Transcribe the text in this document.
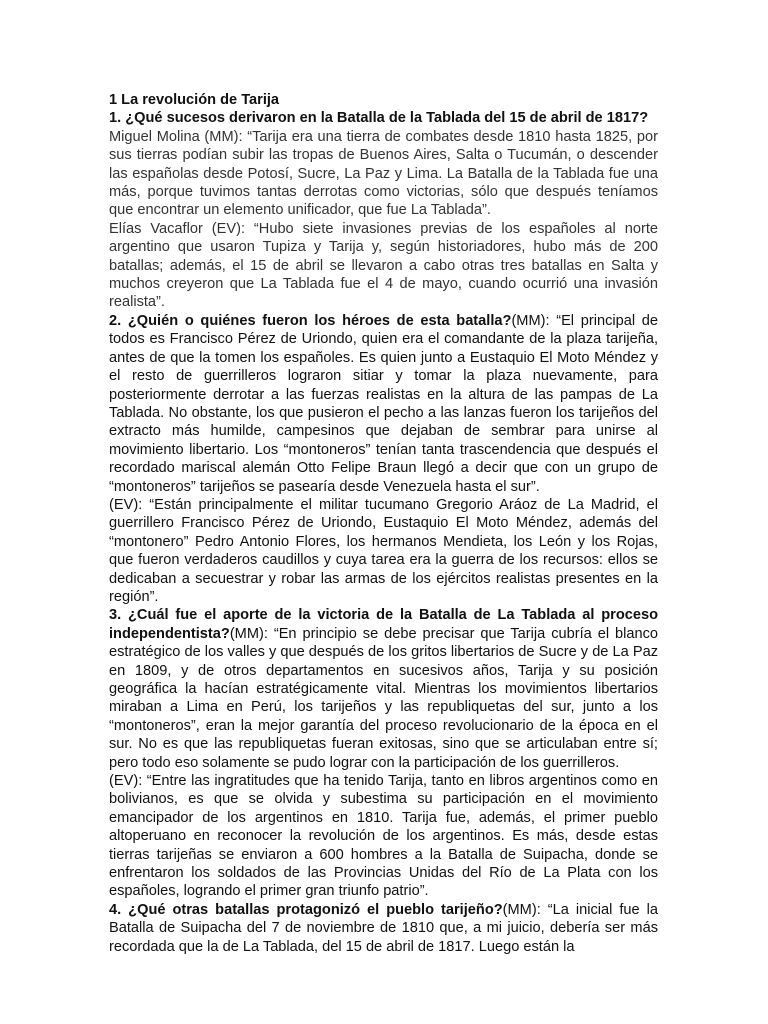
1 La revolución de Tarija

1. ¿Qué sucesos derivaron en la Batalla de la Tablada del 15 de abril de 1817?

Miguel Molina (MM): “Tarija era una tierra de combates desde 1810 hasta 1825, por sus tierras podían subir las tropas de Buenos Aires, Salta o Tucumán, o descender las españolas desde Potosí, Sucre, La Paz y Lima. La Batalla de la Tablada fue una más, porque tuvimos tantas derrotas como victorias, sólo que después teníamos que encontrar un elemento unificador, que fue La Tablada”.

Elías Vacaflor (EV): “Hubo siete invasiones previas de los españoles al norte argentino que usaron Tupiza y Tarija y, según historiadores, hubo más de 200 batallas; además, el 15 de abril se llevaron a cabo otras tres batallas en Salta y muchos creyeron que La Tablada fue el 4 de mayo, cuando ocurrió una invasión realista”.

2. ¿Quién o quiénes fueron los héroes de esta batalla?(MM): “El principal de todos es Francisco Pérez de Uriondo, quien era el comandante de la plaza tarijeña, antes de que la tomen los españoles. Es quien junto a Eustaquio El Moto Méndez y el resto de guerrilleros lograron sitiar y tomar la plaza nuevamente, para posteriormente derrotar a las fuerzas realistas en la altura de las pampas de La Tablada. No obstante, los que pusieron el pecho a las lanzas fueron los tarijeños del extracto más humilde, campesinos que dejaban de sembrar para unirse al movimiento libertario. Los “montoneros” tenían tanta trascendencia que después el recordado mariscal alemán Otto Felipe Braun llegó a decir que con un grupo de “montoneros” tarijeños se pasearía desde Venezuela hasta el sur”.

(EV): “Están principalmente el militar tucumano Gregorio Aráoz de La Madrid, el guerrillero Francisco Pérez de Uriondo, Eustaquio El Moto Méndez, además del “montonero” Pedro Antonio Flores, los hermanos Mendieta, los León y los Rojas, que fueron verdaderos caudillos y cuya tarea era la guerra de los recursos: ellos se dedicaban a secuestrar y robar las armas de los ejércitos realistas presentes en la región”.

3. ¿Cuál fue el aporte de la victoria de la Batalla de La Tablada al proceso independentista?(MM): “En principio se debe precisar que Tarija cubría el blanco estratégico de los valles y que después de los gritos libertarios de Sucre y de La Paz en 1809, y de otros departamentos en sucesivos años, Tarija y su posición geográfica la hacían estratégicamente vital. Mientras los movimientos libertarios miraban a Lima en Perú, los tarijeños y las republiquetas del sur, junto a los “montoneros”, eran la mejor garantía del proceso revolucionario de la época en el sur. No es que las republiquetas fueran exitosas, sino que se articulaban entre sí; pero todo eso solamente se pudo lograr con la participación de los guerrilleros.

(EV): “Entre las ingratitudes que ha tenido Tarija, tanto en libros argentinos como en bolivianos, es que se olvida y subestima su participación en el movimiento emancipador de los argentinos en 1810. Tarija fue, además, el primer pueblo altoperuano en reconocer la revolución de los argentinos. Es más, desde estas tierras tarijeñas se enviaron a 600 hombres a la Batalla de Suipacha, donde se enfrentaron los soldados de las Provincias Unidas del Río de La Plata con los españoles, logrando el primer gran triunfo patrio”.

4. ¿Qué otras batallas protagonizó el pueblo tarijeño?(MM): “La inicial fue la Batalla de Suipacha del 7 de noviembre de 1810 que, a mi juicio, debería ser más recordada que la de La Tablada, del 15 de abril de 1817. Luego están la
